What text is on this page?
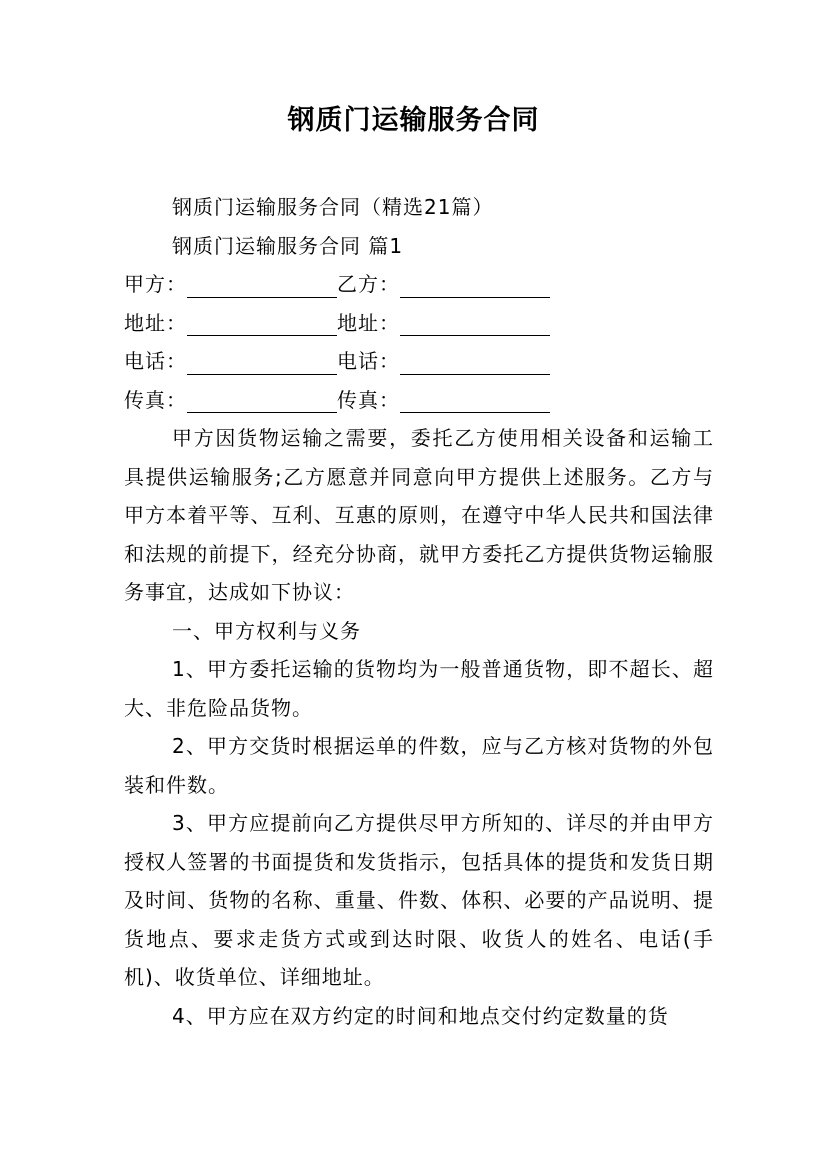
钢质门运输服务合同

钢质门运输服务合同（精选21篇）

钢质门运输服务合同 篇1

甲方：	乙方：

地址：	地址：

电话：	电话：

传真：	传真：

甲方因货物运输之需要，委托乙方使用相关设备和运输工具提供运输服务;乙方愿意并同意向甲方提供上述服务。乙方与甲方本着平等、互利、互惠的原则，在遵守中华人民共和国法律和法规的前提下，经充分协商，就甲方委托乙方提供货物运输服务事宜，达成如下协议：

一、甲方权利与义务

1、甲方委托运输的货物均为一般普通货物，即不超长、超大、非危险品货物。

2、甲方交货时根据运单的件数，应与乙方核对货物的外包装和件数。

3、甲方应提前向乙方提供尽甲方所知的、详尽的并由甲方授权人签署的书面提货和发货指示，包括具体的提货和发货日期及时间、货物的名称、重量、件数、体积、必要的产品说明、提货地点、要求走货方式或到达时限、收货人的姓名、电话(手机)、收货单位、详细地址。

4、甲方应在双方约定的时间和地点交付约定数量的货
